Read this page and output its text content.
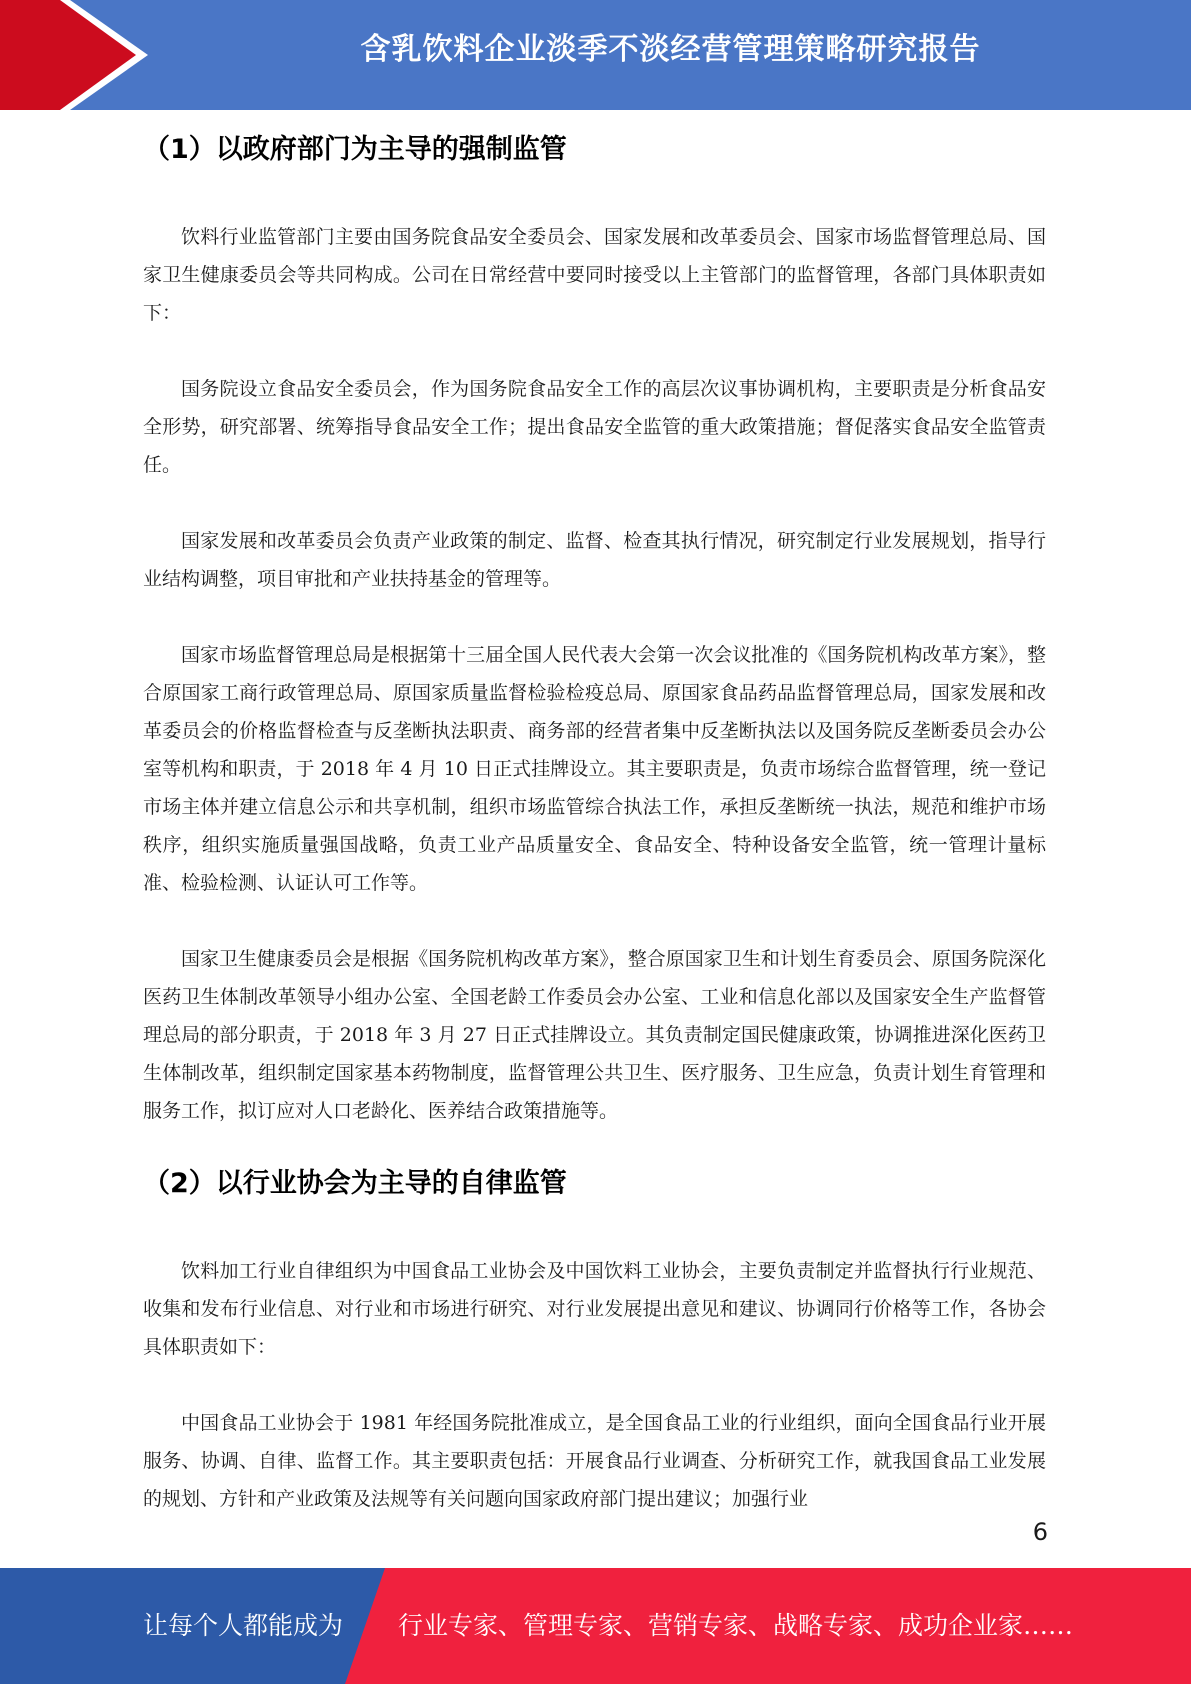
含乳饮料企业淡季不淡经营管理策略研究报告
（1）以政府部门为主导的强制监管

饮料行业监管部门主要由国务院食品安全委员会、国家发展和改革委员会、国家市场监督管理总局、国家卫生健康委员会等共同构成。公司在日常经营中要同时接受以上主管部门的监督管理，各部门具体职责如下：

国务院设立食品安全委员会，作为国务院食品安全工作的高层次议事协调机构，主要职责是分析食品安全形势，研究部署、统筹指导食品安全工作；提出食品安全监管的重大政策措施；督促落实食品安全监管责任。

国家发展和改革委员会负责产业政策的制定、监督、检查其执行情况，研究制定行业发展规划，指导行业结构调整，项目审批和产业扶持基金的管理等。

国家市场监督管理总局是根据第十三届全国人民代表大会第一次会议批准的《国务院机构改革方案》，整合原国家工商行政管理总局、原国家质量监督检验检疫总局、原国家食品药品监督管理总局，国家发展和改革委员会的价格监督检查与反垄断执法职责、商务部的经营者集中反垄断执法以及国务院反垄断委员会办公室等机构和职责，于 2018 年 4 月 10 日正式挂牌设立。其主要职责是，负责市场综合监督管理，统一登记市场主体并建立信息公示和共享机制，组织市场监管综合执法工作，承担反垄断统一执法，规范和维护市场秩序，组织实施质量强国战略，负责工业产品质量安全、食品安全、特种设备安全监管，统一管理计量标准、检验检测、认证认可工作等。

国家卫生健康委员会是根据《国务院机构改革方案》，整合原国家卫生和计划生育委员会、原国务院深化医药卫生体制改革领导小组办公室、全国老龄工作委员会办公室、工业和信息化部以及国家安全生产监督管理总局的部分职责，于 2018 年 3 月 27 日正式挂牌设立。其负责制定国民健康政策，协调推进深化医药卫生体制改革，组织制定国家基本药物制度，监督管理公共卫生、医疗服务、卫生应急，负责计划生育管理和服务工作，拟订应对人口老龄化、医养结合政策措施等。

（2）以行业协会为主导的自律监管

饮料加工行业自律组织为中国食品工业协会及中国饮料工业协会，主要负责制定并监督执行行业规范、收集和发布行业信息、对行业和市场进行研究、对行业发展提出意见和建议、协调同行价格等工作，各协会具体职责如下：

中国食品工业协会于 1981 年经国务院批准成立，是全国食品工业的行业组织，面向全国食品行业开展服务、协调、自律、监督工作。其主要职责包括：开展食品行业调查、分析研究工作，就我国食品工业发展的规划、方针和产业政策及法规等有关问题向国家政府部门提出建议；加强行业

6
让每个人都能成为 行业专家、管理专家、营销专家、战略专家、成功企业家……
